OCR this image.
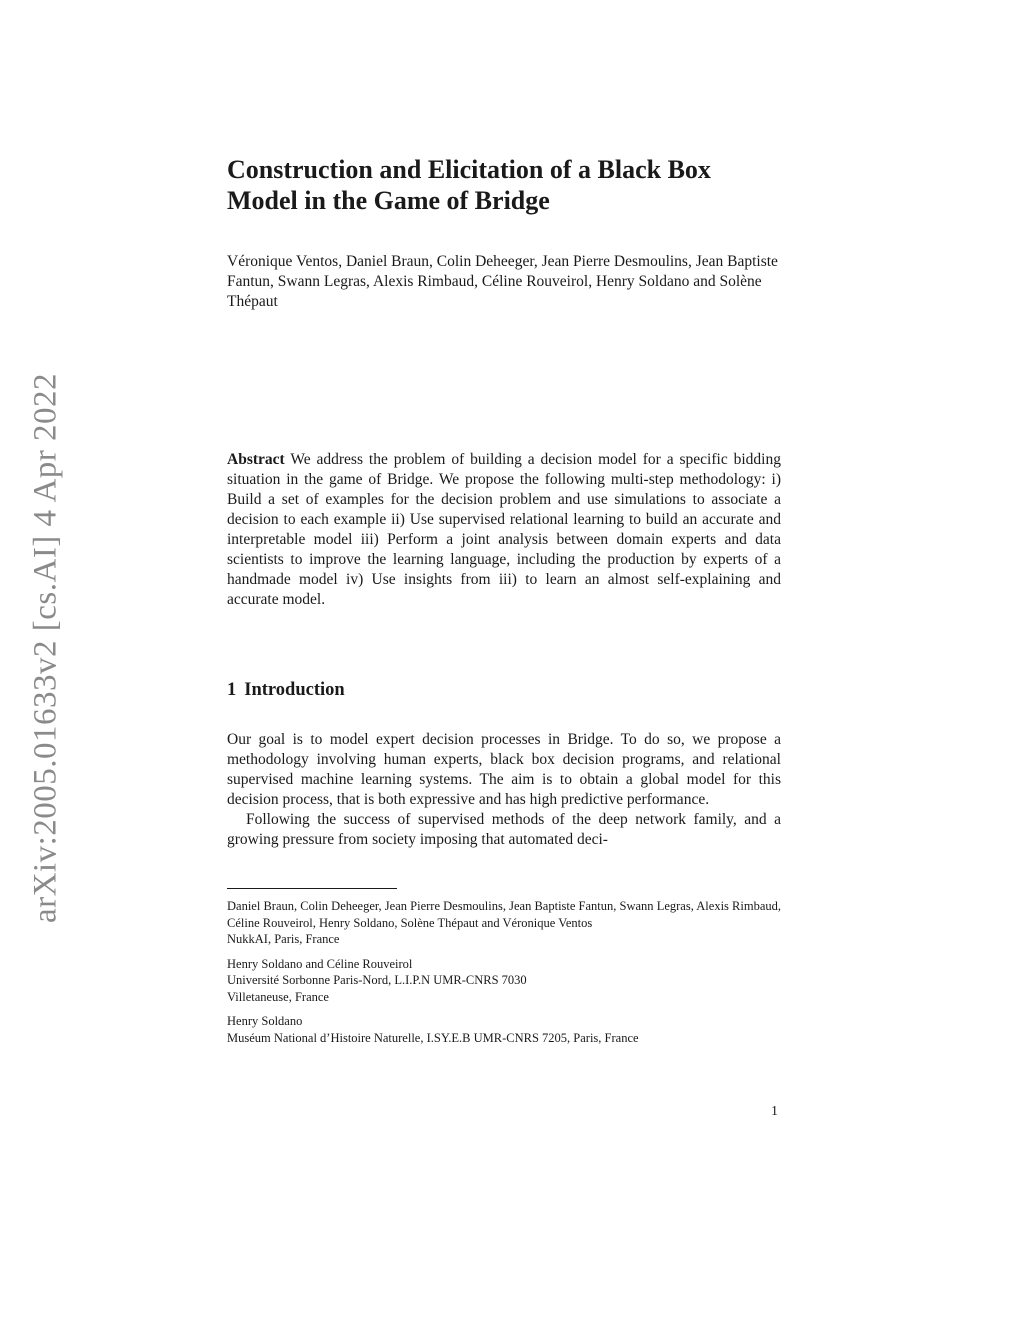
arXiv:2005.01633v2 [cs.AI] 4 Apr 2022
Construction and Elicitation of a Black Box Model in the Game of Bridge

Véronique Ventos, Daniel Braun, Colin Deheeger, Jean Pierre Desmoulins, Jean Baptiste Fantun, Swann Legras, Alexis Rimbaud, Céline Rouveirol, Henry Soldano and Solène Thépaut

Abstract We address the problem of building a decision model for a specific bidding situation in the game of Bridge. We propose the following multi-step methodology: i) Build a set of examples for the decision problem and use simulations to associate a decision to each example ii) Use supervised relational learning to build an accurate and interpretable model iii) Perform a joint analysis between domain experts and data scientists to improve the learning language, including the production by experts of a handmade model iv) Use insights from iii) to learn an almost self-explaining and accurate model.

1 Introduction

Our goal is to model expert decision processes in Bridge. To do so, we propose a methodology involving human experts, black box decision programs, and relational supervised machine learning systems. The aim is to obtain a global model for this decision process, that is both expressive and has high predictive performance.

Following the success of supervised methods of the deep network family, and a growing pressure from society imposing that automated deci-

Daniel Braun, Colin Deheeger, Jean Pierre Desmoulins, Jean Baptiste Fantun, Swann Legras, Alexis Rimbaud, Céline Rouveirol, Henry Soldano, Solène Thépaut and Véronique Ventos
NukkAI, Paris, France
Henry Soldano and Céline Rouveirol
Université Sorbonne Paris-Nord, L.I.P.N UMR-CNRS 7030
Villetaneuse, France
Henry Soldano
Muséum National d’Histoire Naturelle, I.SY.E.B UMR-CNRS 7205, Paris, France
1
